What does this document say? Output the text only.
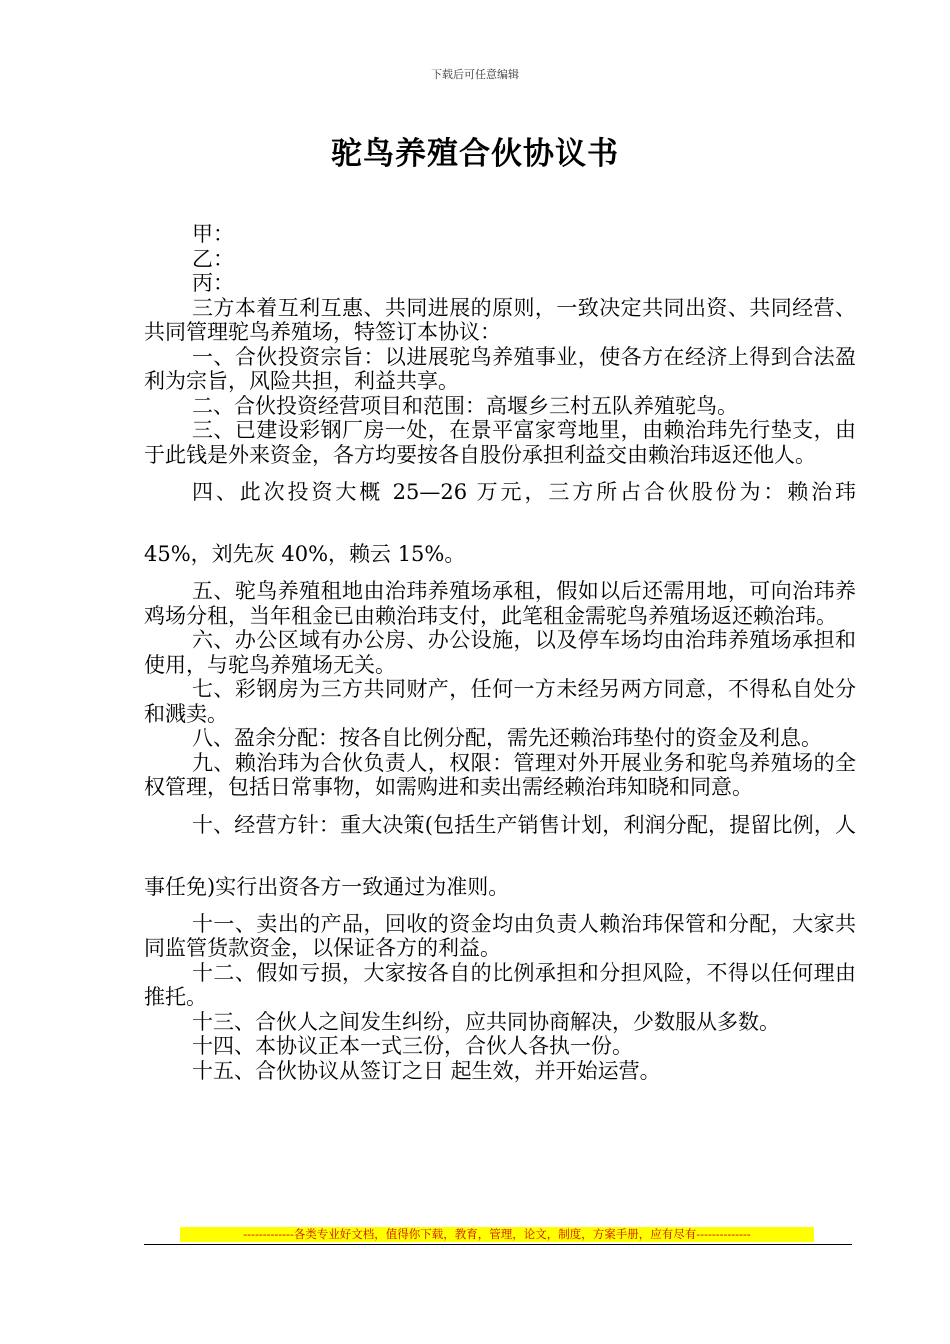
下载后可任意编辑
驼鸟养殖合伙协议书

甲：

乙：

丙：

三方本着互利互惠、共同进展的原则，一致决定共同出资、共同经营、共同管理驼鸟养殖场，特签订本协议：

一、合伙投资宗旨：以进展驼鸟养殖事业，使各方在经济上得到合法盈利为宗旨，风险共担，利益共享。

二、合伙投资经营项目和范围：高堰乡三村五队养殖驼鸟。

三、已建设彩钢厂房一处，在景平富家弯地里，由赖治玮先行垫支，由于此钱是外来资金，各方均要按各自股份承担利益交由赖治玮返还他人。

四、此次投资大概 25—26 万元，三方所占合伙股份为：赖治玮 45%，刘先灰 40%，赖云 15%。

五、驼鸟养殖租地由治玮养殖场承租，假如以后还需用地，可向治玮养鸡场分租，当年租金已由赖治玮支付，此笔租金需驼鸟养殖场返还赖治玮。

六、办公区域有办公房、办公设施，以及停车场均由治玮养殖场承担和使用，与驼鸟养殖场无关。

七、彩钢房为三方共同财产，任何一方未经另两方同意，不得私自处分和溅卖。

八、盈余分配：按各自比例分配，需先还赖治玮垫付的资金及利息。

九、赖治玮为合伙负责人，权限：管理对外开展业务和驼鸟养殖场的全权管理，包括日常事物，如需购进和卖出需经赖治玮知晓和同意。

十、经营方针：重大决策(包括生产销售计划，利润分配，提留比例，人事任免)实行出资各方一致通过为准则。

十一、卖出的产品，回收的资金均由负责人赖治玮保管和分配，大家共同监管货款资金，以保证各方的利益。

十二、假如亏损，大家按各自的比例承担和分担风险，不得以任何理由推托。

十三、合伙人之间发生纠纷，应共同协商解决，少数服从多数。

十四、本协议正本一式三份，合伙人各执一份。

十五、合伙协议从签订之日 起生效，并开始运营。

-------------各类专业好文档，值得你下载，教育，管理，论文，制度，方案手册，应有尽有--------------
